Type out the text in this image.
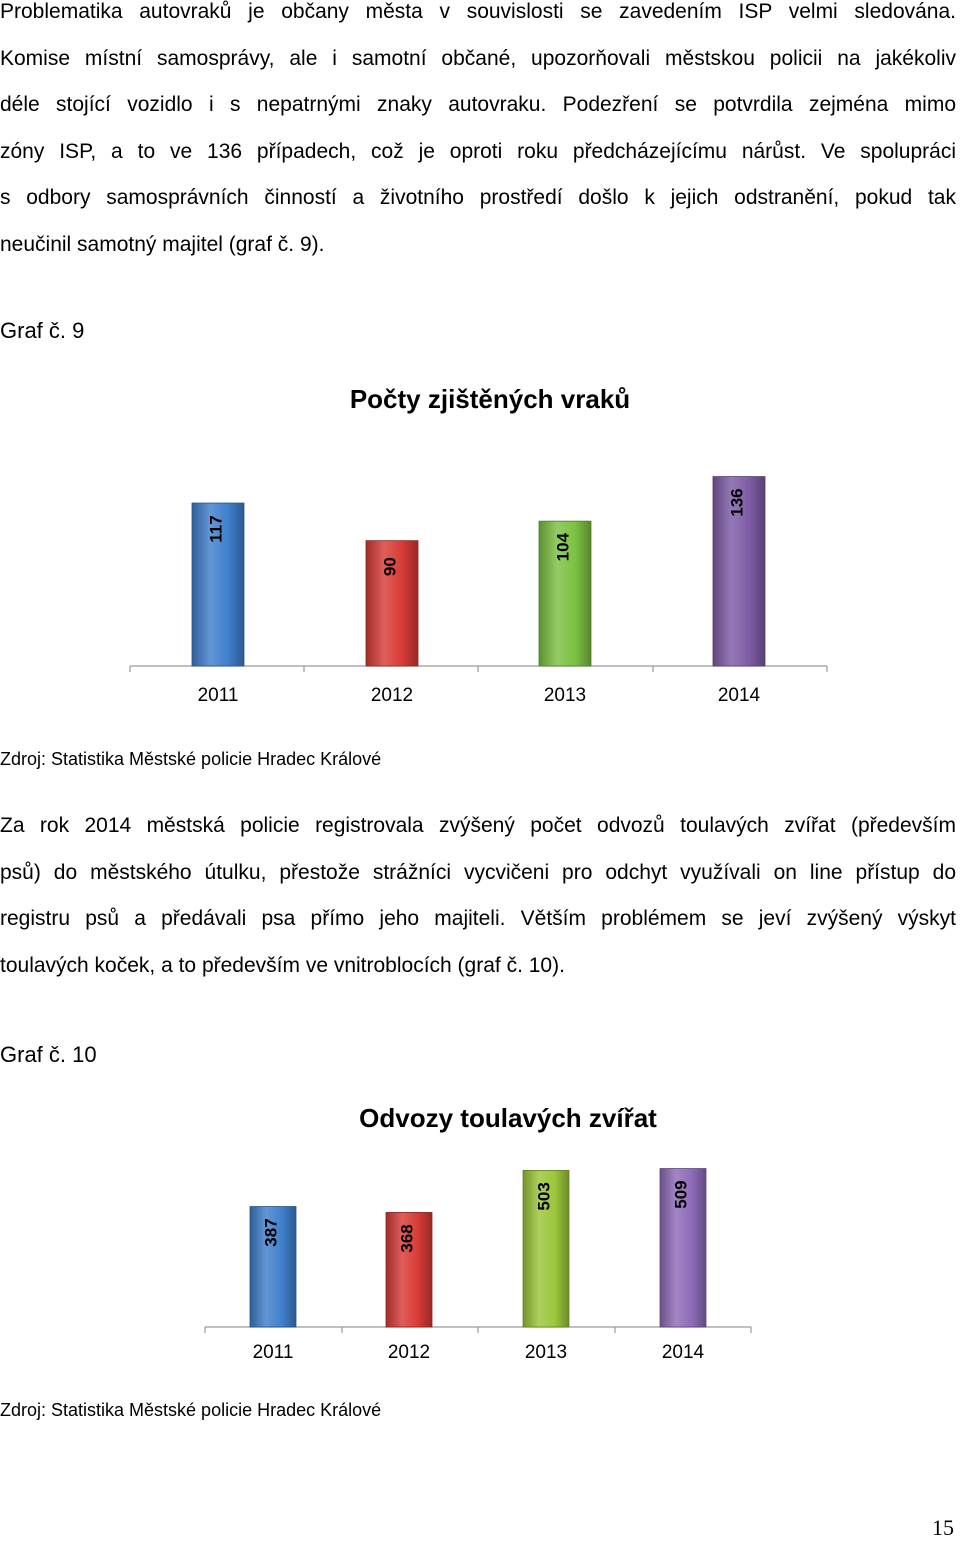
Problematika autovraků je občany města v souvislosti se zavedením ISP velmi sledována.
Komise místní samosprávy, ale i samotní občané, upozorňovali městskou policii na jakékoliv
déle stojící vozidlo i s nepatrnými znaky autovraku. Podezření se potvrdila zejména mimo
zóny ISP, a to ve 136 případech, což je oproti roku předcházejícímu nárůst. Ve spolupráci
s odbory samosprávních činností a životního prostředí došlo k jejich odstranění, pokud tak
neučinil samotný majitel (graf č. 9).
Graf č. 9
Počty zjištěných vraků
117
2011
90
2012
104
2013
136
2014
Zdroj: Statistika Městské policie Hradec Králové
Za rok 2014 městská policie registrovala zvýšený počet odvozů toulavých zvířat (především
psů) do městského útulku, přestože strážníci vycvičeni pro odchyt využívali on line přístup do
registru psů a předávali psa přímo jeho majiteli. Větším problémem se jeví zvýšený výskyt
toulavých koček, a to především ve vnitroblocích (graf č. 10).
Graf č. 10
Odvozy toulavých zvířat
387
2011
368
2012
503
2013
509
2014
Zdroj: Statistika Městské policie Hradec Králové
15
